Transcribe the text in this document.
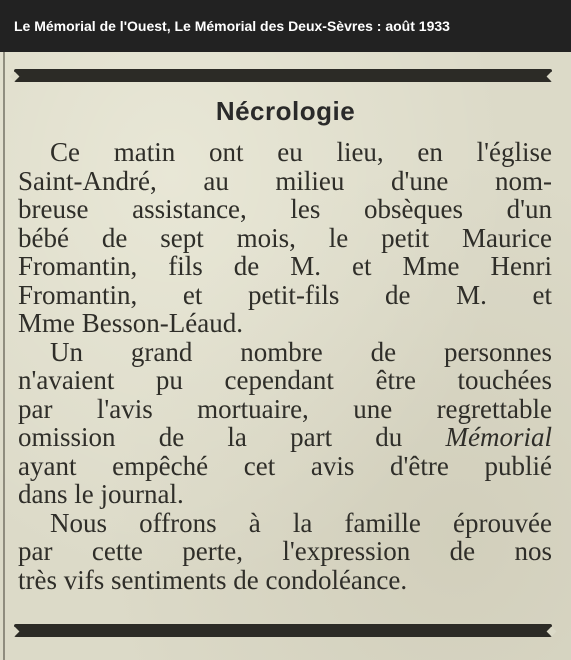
Le Mémorial de l'Ouest, Le Mémorial des Deux-Sèvres : août 1933
Nécrologie
Ce matin ont eu lieu, en l'église
Saint-André, au milieu d'une nom-
breuse assistance, les obsèques d'un
bébé de sept mois, le petit Maurice
Fromantin, fils de M. et Mme Henri
Fromantin, et petit-fils de M. et
Mme Besson-Léaud.
Un grand nombre de personnes
n'avaient pu cependant être touchées
par l'avis mortuaire, une regrettable
omission de la part du Mémorial
ayant empêché cet avis d'être publié
dans le journal.
Nous offrons à la famille éprouvée
par cette perte, l'expression de nos
très vifs sentiments de condoléance.
